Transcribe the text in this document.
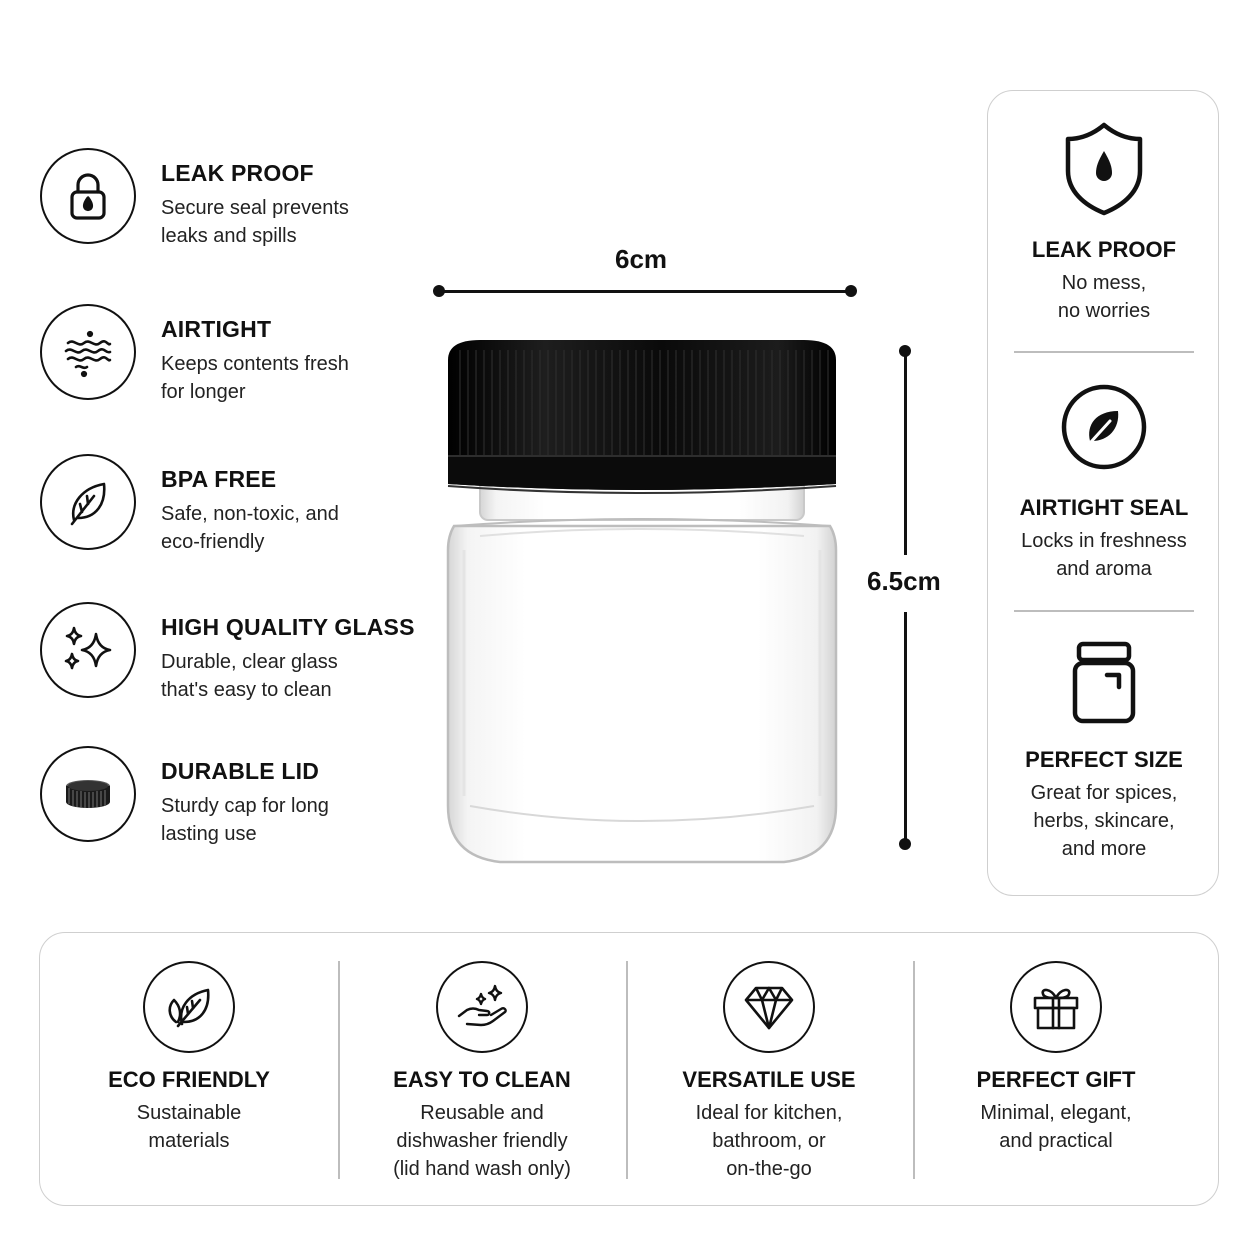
LEAK PROOF
Secure seal prevents
leaks and spills
AIRTIGHT
Keeps contents fresh
for longer
BPA FREE
Safe, non-toxic, and
eco-friendly
HIGH QUALITY GLASS
Durable, clear glass
that's easy to clean
DURABLE LID
Sturdy cap for long
lasting use
6cm
6.5cm
LEAK PROOF
No mess,
no worries
AIRTIGHT SEAL
Locks in freshness
and aroma
PERFECT SIZE
Great for spices,
herbs, skincare,
and more
ECO FRIENDLY
Sustainable
materials
EASY TO CLEAN
Reusable and
dishwasher friendly
(lid hand wash only)
VERSATILE USE
Ideal for kitchen,
bathroom, or
on-the-go
PERFECT GIFT
Minimal, elegant,
and practical
